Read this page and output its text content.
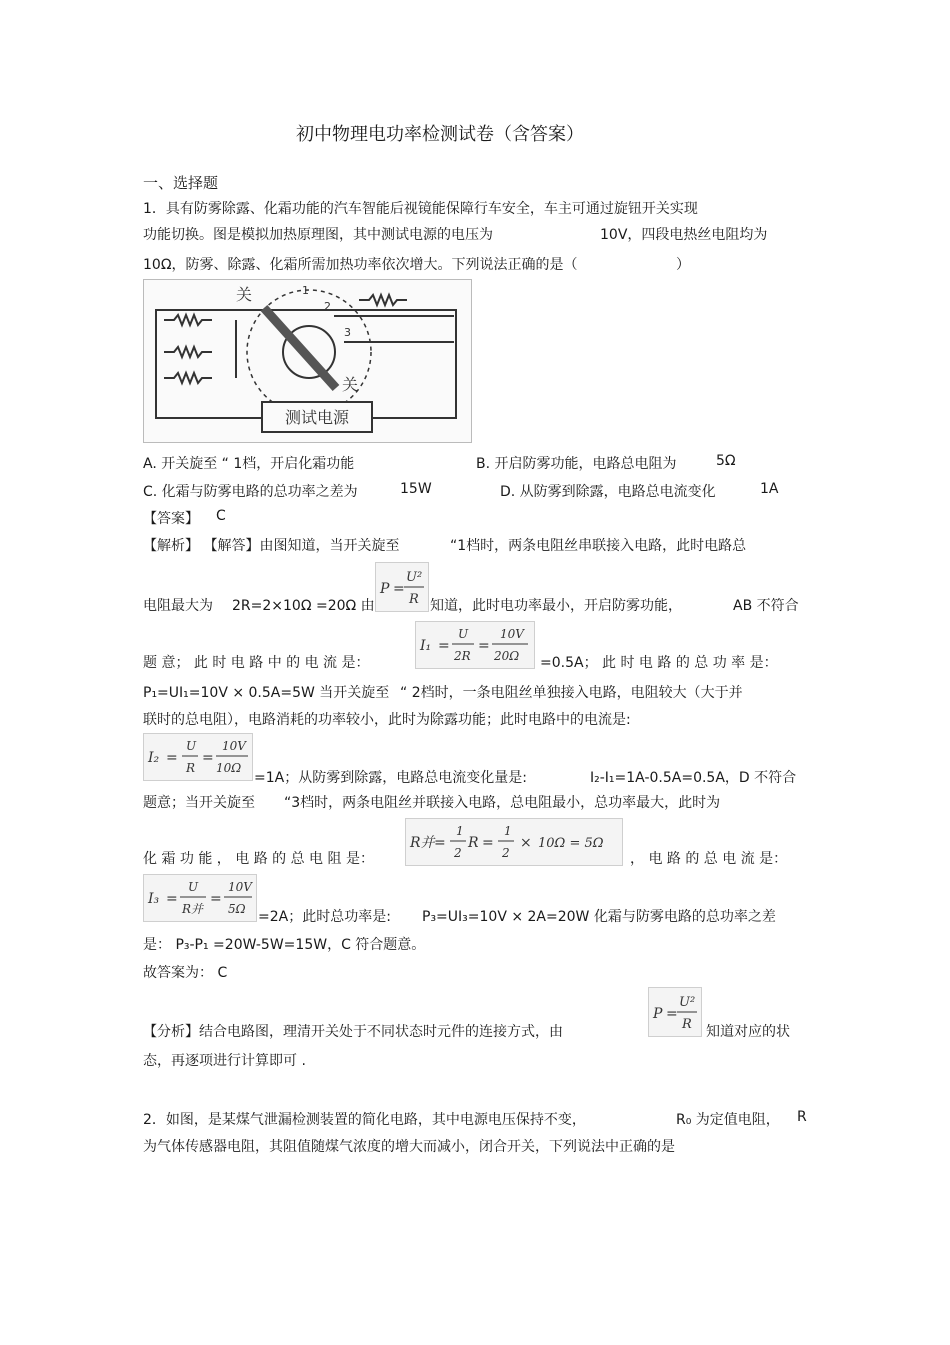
初中物理电功率检测试卷（含答案）
一、选择题
1．具有防雾除露、化霜功能的汽车智能后视镜能保障行车安全，车主可通过旋钮开关实现
功能切换。图是模拟加热原理图，其中测试电源的电压为	10V，四段电热丝电阻均为
10Ω，防雾、除露、化霜所需加热功率依次增大。下列说法正确的是（	）
测试电源
关
关
1
2
3
A. 开关旋至 “ 1档，开启化霜功能	B. 开启防雾功能，电路总电阻为	5Ω
C. 化霜与防雾电路的总功率之差为	15W	D. 从防雾到除露，电路总电流变化	1A
【答案】 C
【解析】 【解答】由图知道，当开关旋至	“1档时，两条电阻丝串联接入电路，此时电路总
电阻最大为 2R=2×10Ω =20Ω 由
P =
U²
R 知道，此时电功率最小，开启防雾功能，	AB 不符合
题 意； 此 时 电 路 中 的 电 流 是：
I₁ =
U
2R
=
10V
20Ω =0.5A； 此 时 电 路 的 总 功 率 是：
P₁=UI₁=10V × 0.5A=5W 当开关旋至 “ 2档时，一条电阻丝单独接入电路，电阻较大（大于并
联时的总电阻），电路消耗的功率较小，此时为除露功能；此时电路中的电流是:
I₂ =
U
R
=
10V
10Ω
=1A；从防雾到除露，电路总电流变化量是:	I₂-I₁=1A-0.5A=0.5A，D 不符合
题意；当开关旋至 “3档时，两条电阻丝并联接入电路，总电阻最小，总功率最大，此时为
化 霜 功 能 ， 电 路 的 总 电 阻 是：
R并 =
1
2
R =
1
2
× 10Ω = 5Ω
， 电 路 的 总 电 流 是：
I₃ =
U
R并
=
10V
5Ω =2A；此时总功率是: P₃=UI₃=10V × 2A=20W 化霜与防雾电路的总功率之差
是： P₃-P₁ =20W-5W=15W，C 符合题意。
故答案为： C
【分析】结合电路图，理清开关处于不同状态时元件的连接方式，由
P =
U²
R 知道对应的状
态，再逐项进行计算即可 .
2．如图，是某煤气泄漏检测装置的简化电路，其中电源电压保持不变，	R₀ 为定值电阻， R
为气体传感器电阻，其阻值随煤气浓度的增大而减小，闭合开关，下列说法中正确的是
